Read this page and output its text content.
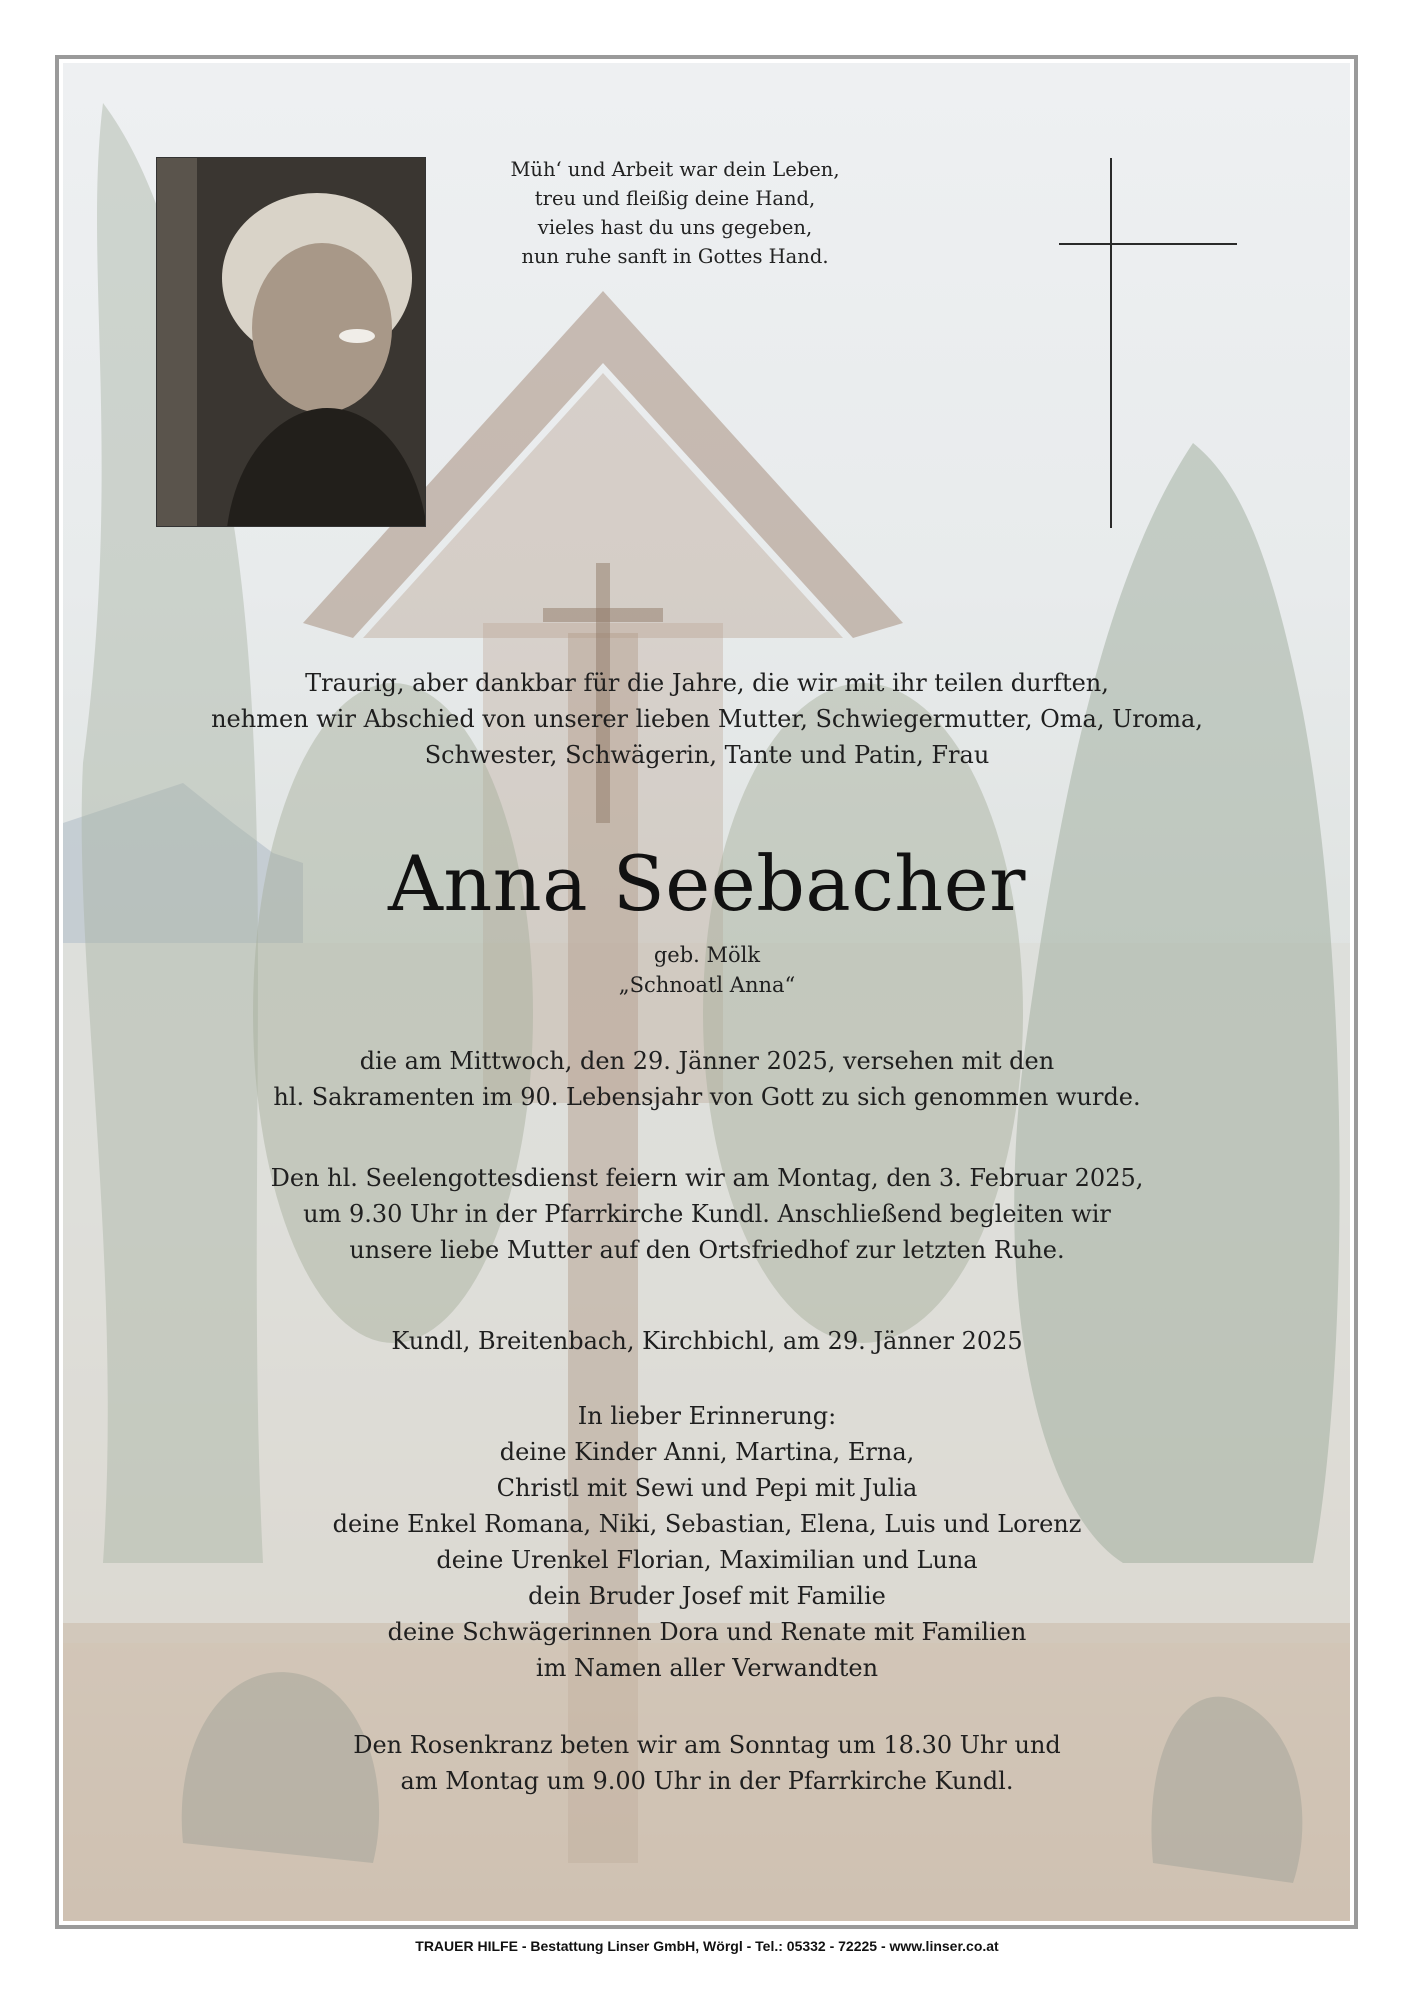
Müh‘ und Arbeit war dein Leben,
treu und fleißig deine Hand,
vieles hast du uns gegeben,
nun ruhe sanft in Gottes Hand.
Traurig, aber dankbar für die Jahre, die wir mit ihr teilen durften,
nehmen wir Abschied von unserer lieben Mutter, Schwiegermutter, Oma, Uroma,
Schwester, Schwägerin, Tante und Patin, Frau
Anna Seebacher
geb. Mölk
„Schnoatl Anna“
die am Mittwoch, den 29. Jänner 2025, versehen mit den
hl. Sakramenten im 90. Lebensjahr von Gott zu sich genommen wurde.
Den hl. Seelengottesdienst feiern wir am Montag, den 3. Februar 2025,
um 9.30 Uhr in der Pfarrkirche Kundl. Anschließend begleiten wir
unsere liebe Mutter auf den Ortsfriedhof zur letzten Ruhe.
Kundl, Breitenbach, Kirchbichl, am 29. Jänner 2025
In lieber Erinnerung:
deine Kinder Anni, Martina, Erna,
Christl mit Sewi und Pepi mit Julia
deine Enkel Romana, Niki, Sebastian, Elena, Luis und Lorenz
deine Urenkel Florian, Maximilian und Luna
dein Bruder Josef mit Familie
deine Schwägerinnen Dora und Renate mit Familien
im Namen aller Verwandten
Den Rosenkranz beten wir am Sonntag um 18.30 Uhr und
am Montag um 9.00 Uhr in der Pfarrkirche Kundl.
TRAUER HILFE - Bestattung Linser GmbH, Wörgl - Tel.: 05332 - 72225 - www.linser.co.at
